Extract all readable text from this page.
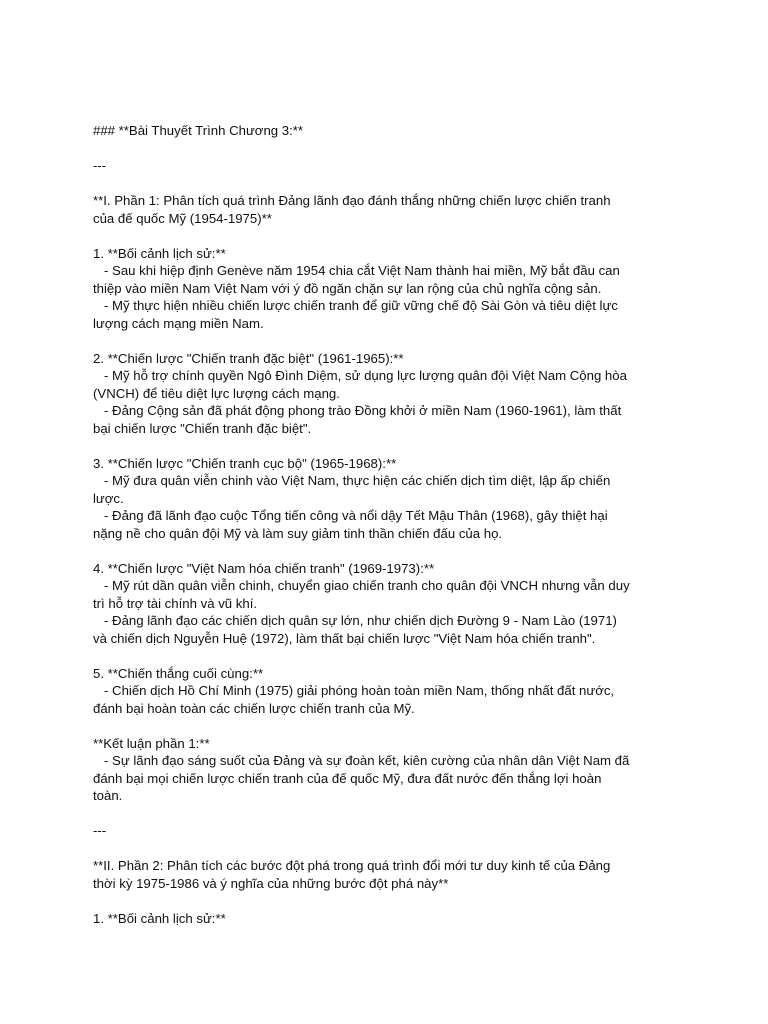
### **Bài Thuyết Trình Chương 3:**
---
**I. Phần 1: Phân tích quá trình Đảng lãnh đạo đánh thắng những chiến lược chiến tranh
của đế quốc Mỹ (1954-1975)**
1. **Bối cảnh lịch sử:**
- Sau khi hiệp định Genève năm 1954 chia cắt Việt Nam thành hai miền, Mỹ bắt đầu can
thiệp vào miền Nam Việt Nam với ý đồ ngăn chặn sự lan rộng của chủ nghĩa cộng sản.
- Mỹ thực hiện nhiều chiến lược chiến tranh để giữ vững chế độ Sài Gòn và tiêu diệt lực
lượng cách mạng miền Nam.
2. **Chiến lược "Chiến tranh đặc biệt" (1961-1965):**
- Mỹ hỗ trợ chính quyền Ngô Đình Diệm, sử dụng lực lượng quân đội Việt Nam Cộng hòa
(VNCH) để tiêu diệt lực lượng cách mạng.
- Đảng Cộng sản đã phát động phong trào Đồng khởi ở miền Nam (1960-1961), làm thất
bại chiến lược "Chiến tranh đặc biệt".
3. **Chiến lược "Chiến tranh cục bộ" (1965-1968):**
- Mỹ đưa quân viễn chinh vào Việt Nam, thực hiện các chiến dịch tìm diệt, lập ấp chiến
lược.
- Đảng đã lãnh đạo cuộc Tổng tiến công và nổi dậy Tết Mậu Thân (1968), gây thiệt hại
nặng nề cho quân đội Mỹ và làm suy giảm tinh thần chiến đấu của họ.
4. **Chiến lược "Việt Nam hóa chiến tranh" (1969-1973):**
- Mỹ rút dần quân viễn chinh, chuyển giao chiến tranh cho quân đội VNCH nhưng vẫn duy
trì hỗ trợ tài chính và vũ khí.
- Đảng lãnh đạo các chiến dịch quân sự lớn, như chiến dịch Đường 9 - Nam Lào (1971)
và chiến dịch Nguyễn Huệ (1972), làm thất bại chiến lược "Việt Nam hóa chiến tranh".
5. **Chiến thắng cuối cùng:**
- Chiến dịch Hồ Chí Minh (1975) giải phóng hoàn toàn miền Nam, thống nhất đất nước,
đánh bại hoàn toàn các chiến lược chiến tranh của Mỹ.
**Kết luận phần 1:**
- Sự lãnh đạo sáng suốt của Đảng và sự đoàn kết, kiên cường của nhân dân Việt Nam đã
đánh bại mọi chiến lược chiến tranh của đế quốc Mỹ, đưa đất nước đến thắng lợi hoàn
toàn.
---
**II. Phần 2: Phân tích các bước đột phá trong quá trình đổi mới tư duy kinh tế của Đảng
thời kỳ 1975-1986 và ý nghĩa của những bước đột phá này**
1. **Bối cảnh lịch sử:**
